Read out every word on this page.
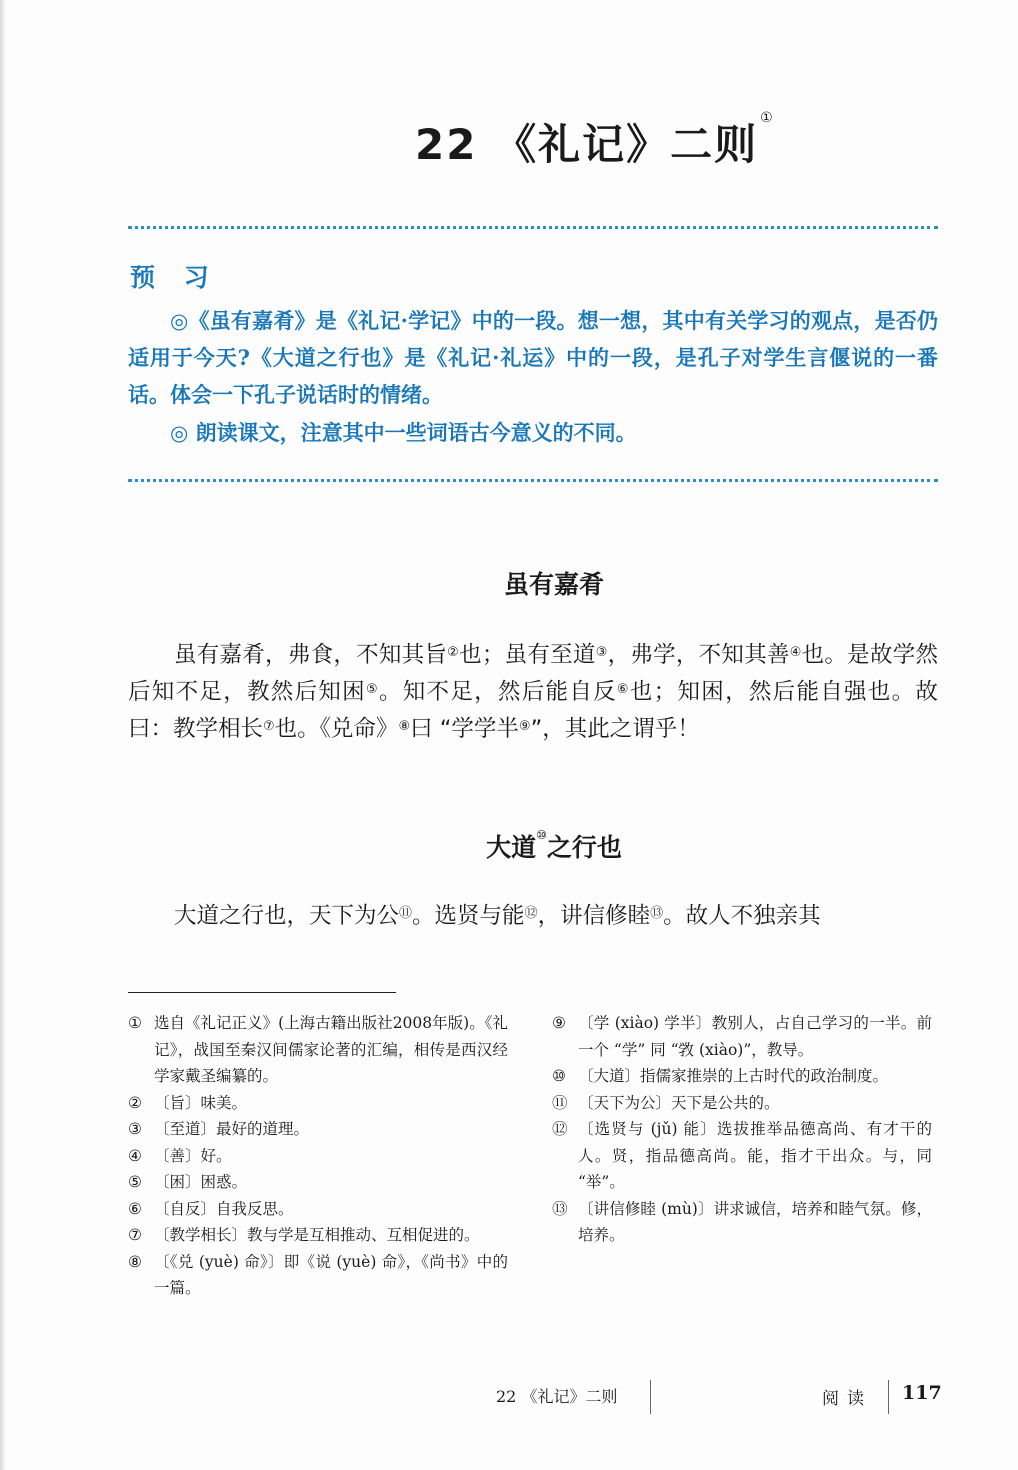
22 《礼记》二则①
预 习

◎《虽有嘉肴》是《礼记·学记》中的一段。想一想，其中有关学习的观点，是否仍适用于今天?《大道之行也》是《礼记·礼运》中的一段，是孔子对学生言偃说的一番话。体会一下孔子说话时的情绪。

◎ 朗读课文，注意其中一些词语古今意义的不同。

虽有嘉肴

虽有嘉肴，弗食，不知其旨②也；虽有至道③，弗学，不知其善④也。是故学然后知不足，教然后知困⑤。知不足，然后能自反⑥也；知困，然后能自强也。故曰：教学相长⑦也。《兑命》⑧曰 “学学半⑨”，其此之谓乎！

大道⑩之行也

大道之行也，天下为公⑪。选贤与能⑫，讲信修睦⑬。故人不独亲其

① 选自《礼记正义》(上海古籍出版社2008年版)。《礼记》，战国至秦汉间儒家论著的汇编，相传是西汉经学家戴圣编纂的。
② 〔旨〕味美。
③ 〔至道〕最好的道理。
④ 〔善〕好。
⑤ 〔困〕困惑。
⑥ 〔自反〕自我反思。
⑦ 〔教学相长〕教与学是互相推动、互相促进的。
⑧ 〔《兑 (yuè) 命》〕即《说 (yuè) 命》，《尚书》中的一篇。
⑨ 〔学 (xiào) 学半〕教别人，占自己学习的一半。前一个 “学” 同 “敩 (xiào)”，教导。
⑩ 〔大道〕指儒家推崇的上古时代的政治制度。
⑪ 〔天下为公〕天下是公共的。
⑫ 〔选贤与 (jǔ) 能〕选拔推举品德高尚、有才干的人。贤，指品德高尚。能，指才干出众。与，同 “举”。
⑬ 〔讲信修睦 (mù)〕讲求诚信，培养和睦气氛。修，培养。
22 《礼记》二则	阅读 117
